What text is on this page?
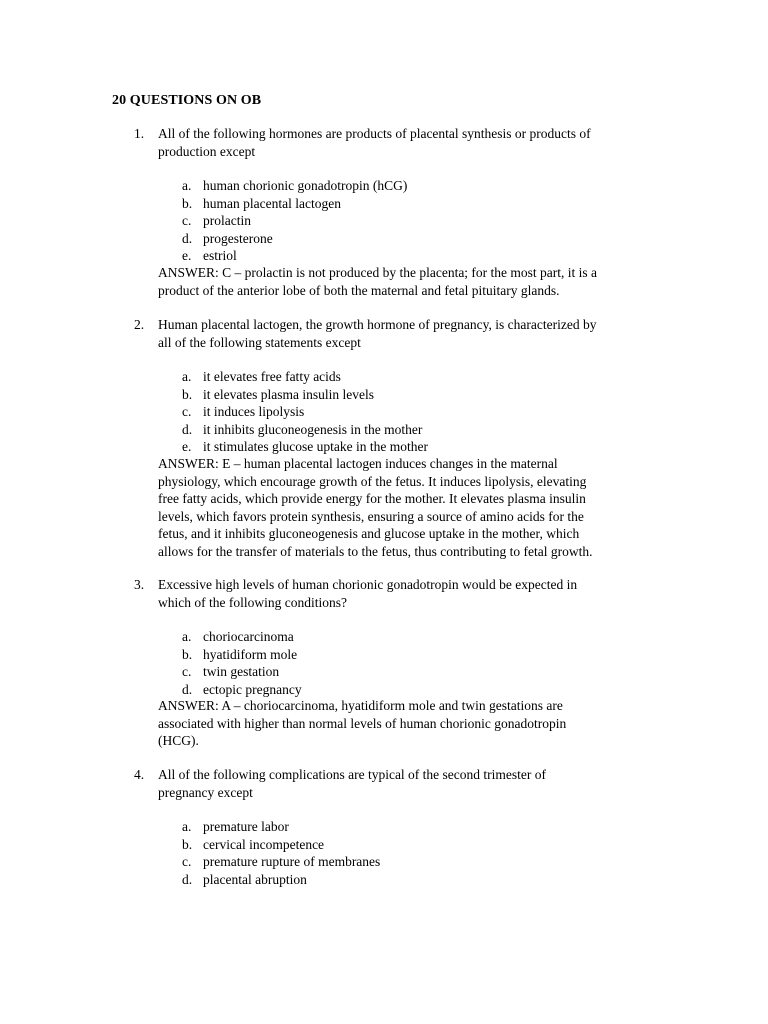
20 QUESTIONS ON OB
1.	All of the following hormones are products of placental synthesis or products of
production except
a. human chorionic gonadotropin (hCG)
b. human placental lactogen
c. prolactin
d. progesterone
e. estriol
ANSWER: C – prolactin is not produced by the placenta; for the most part, it is a
product of the anterior lobe of both the maternal and fetal pituitary glands.
2.	Human placental lactogen, the growth hormone of pregnancy, is characterized by
all of the following statements except
a. it elevates free fatty acids
b. it elevates plasma insulin levels
c. it induces lipolysis
d. it inhibits gluconeogenesis in the mother
e. it stimulates glucose uptake in the mother
ANSWER: E – human placental lactogen induces changes in the maternal
physiology, which encourage growth of the fetus. It induces lipolysis, elevating
free fatty acids, which provide energy for the mother. It elevates plasma insulin
levels, which favors protein synthesis, ensuring a source of amino acids for the
fetus, and it inhibits gluconeogenesis and glucose uptake in the mother, which
allows for the transfer of materials to the fetus, thus contributing to fetal growth.
3.	Excessive high levels of human chorionic gonadotropin would be expected in
which of the following conditions?
a. choriocarcinoma
b. hyatidiform mole
c. twin gestation
d. ectopic pregnancy
ANSWER: A – choriocarcinoma, hyatidiform mole and twin gestations are
associated with higher than normal levels of human chorionic gonadotropin
(HCG).
4.	All of the following complications are typical of the second trimester of
pregnancy except
a. premature labor
b. cervical incompetence
c. premature rupture of membranes
d. placental abruption
